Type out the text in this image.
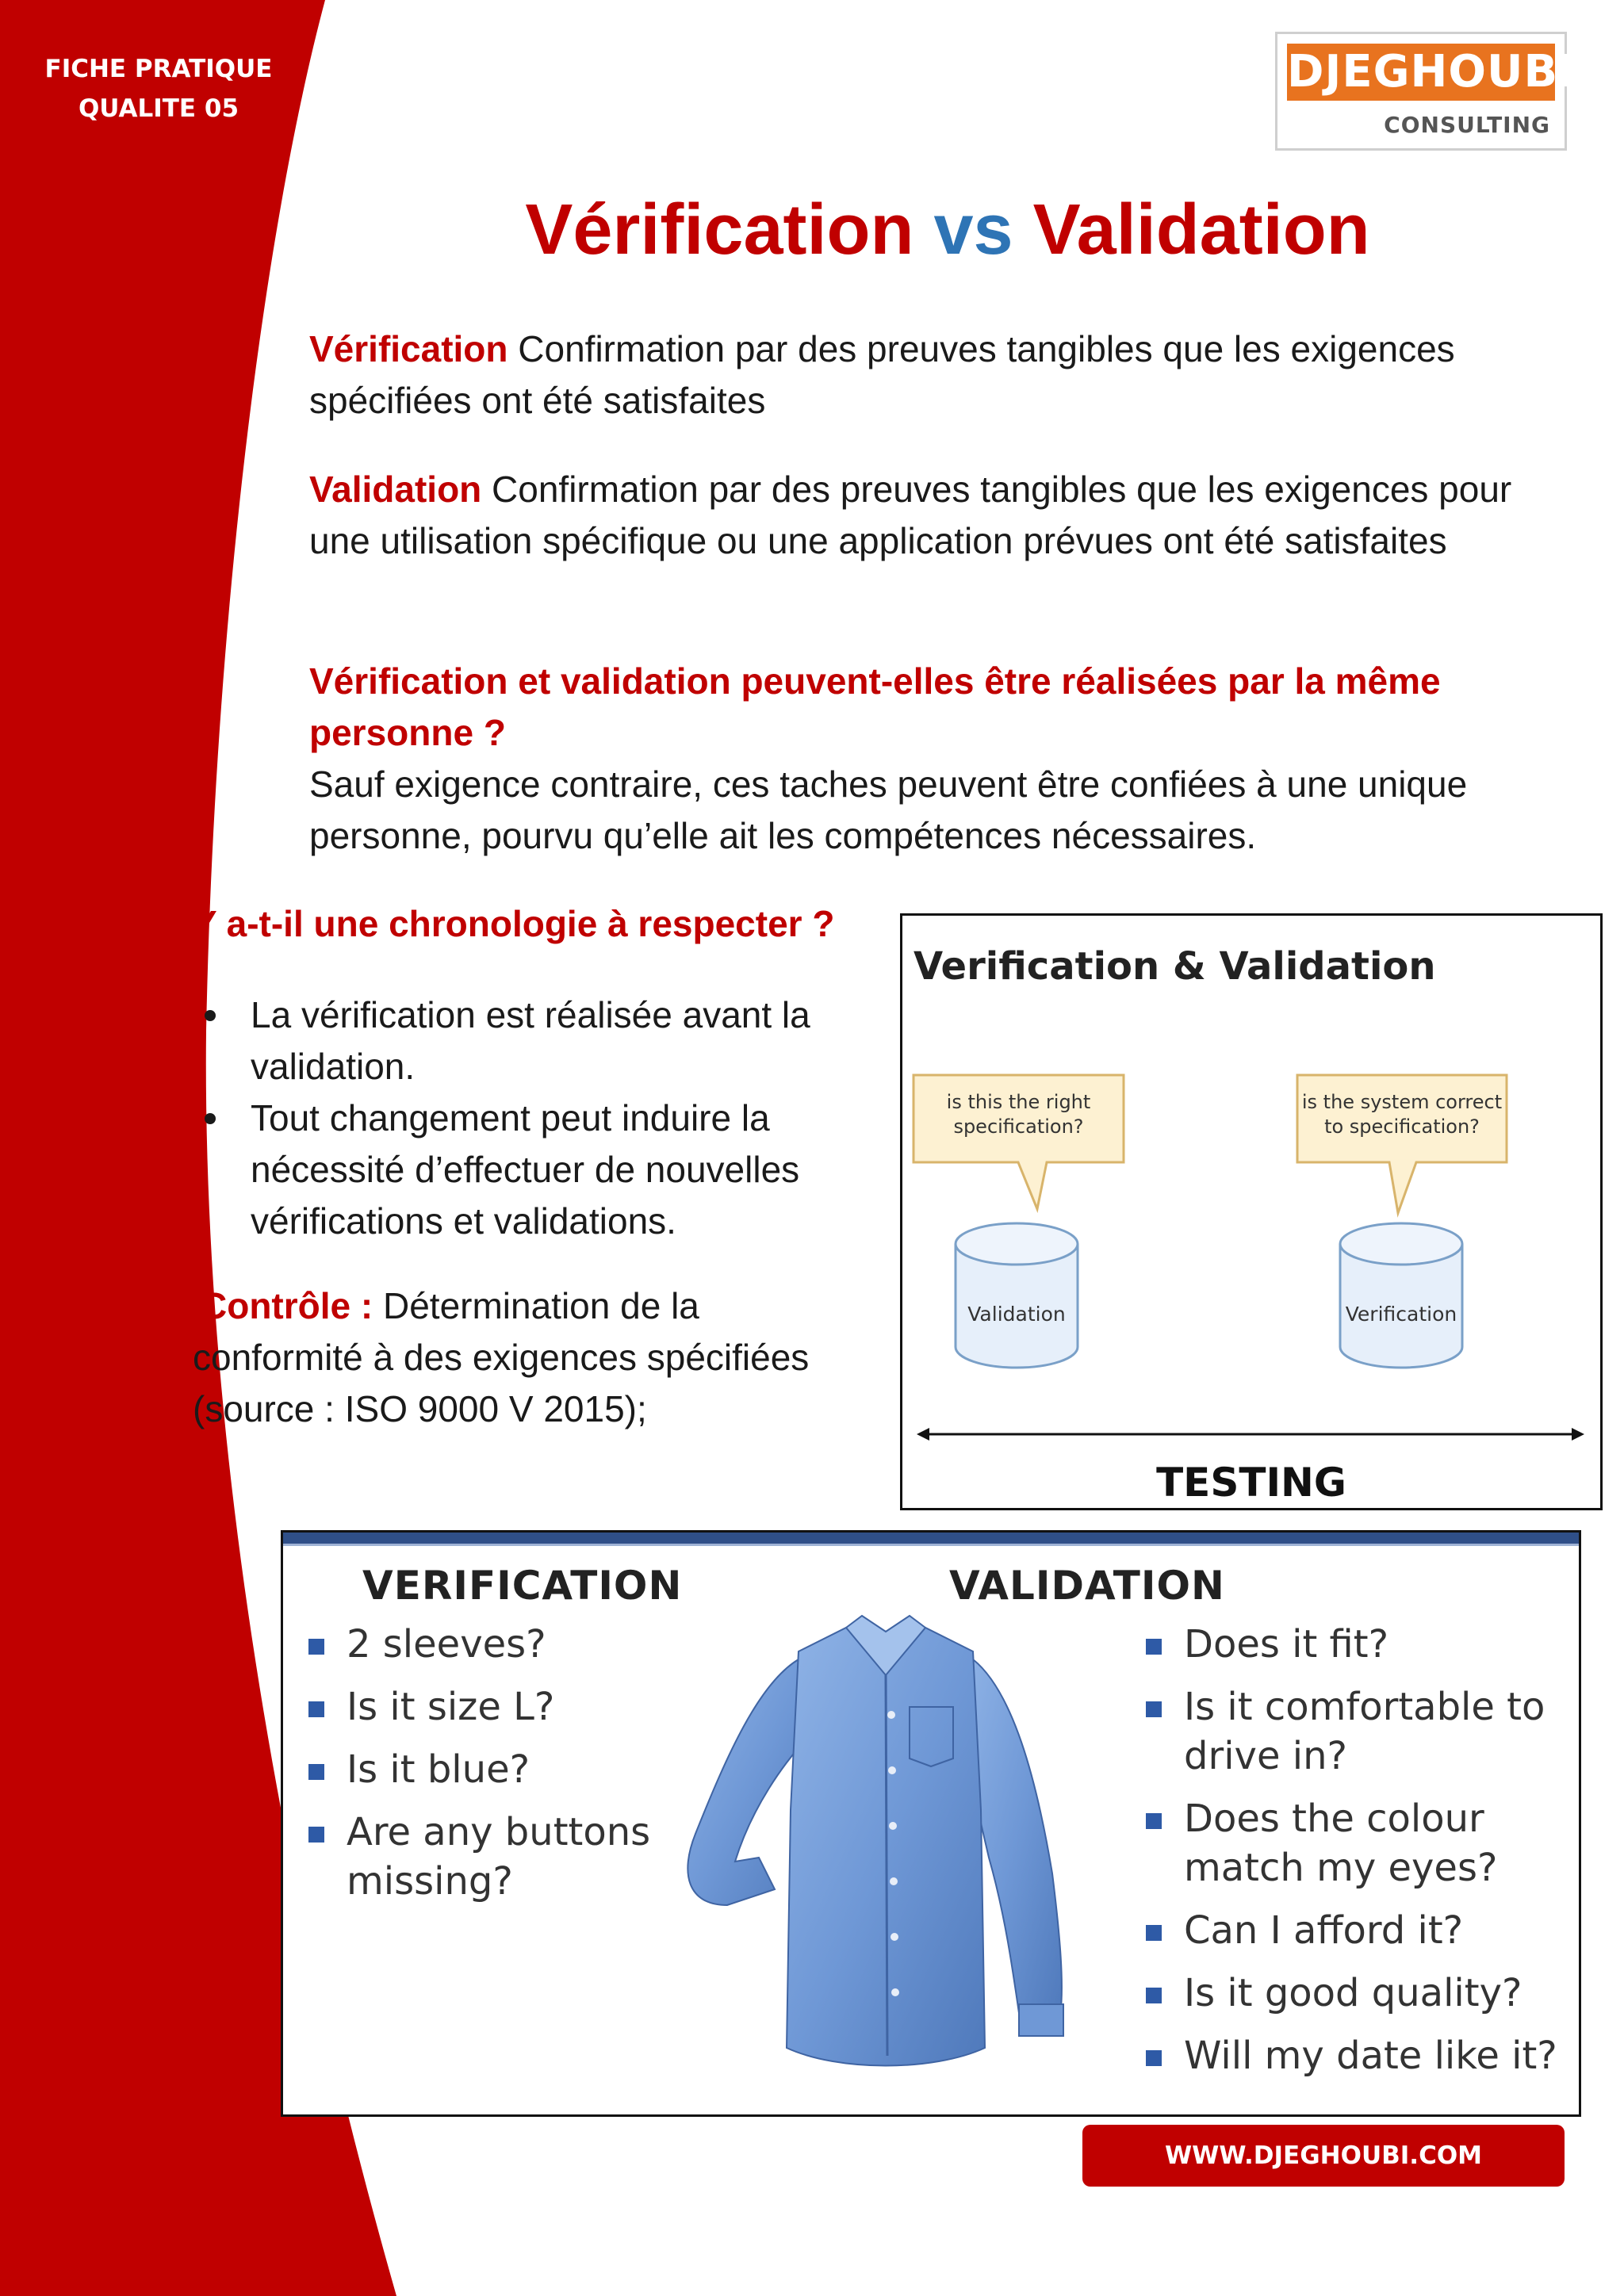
FICHE PRATIQUE
QUALITE 05
DJEGHOUBI
CONSULTING
Vérification vs Validation
Vérification Confirmation par des preuves tangibles que les exigences spécifiées ont été satisfaites
Validation Confirmation par des preuves tangibles que les exigences pour une utilisation spécifique ou une application prévues ont été satisfaites
Vérification et validation peuvent-elles être réalisées par la même personne ?
Sauf exigence contraire, ces taches peuvent être confiées à une unique personne, pourvu qu’elle ait les compétences nécessaires.
Y a-t-il une chronologie à respecter ?
La vérification est réalisée avant la validation.
Tout changement peut induire la nécessité d’effectuer de nouvelles vérifications et validations.
Contrôle : Détermination de la conformité à des exigences spécifiées (source : ISO 9000 V 2015);
Verification & Validation
is this the right
specification?
is the system correct
to specification?
Validation	Verification
TESTING
VERIFICATION
2 sleeves?
Is it size L?
Is it blue?
Are any buttons missing?
VALIDATION
Does it fit?
Is it comfortable to drive in?
Does the colour match my eyes?
Can I afford it?
Is it good quality?
Will my date like it?
WWW.DJEGHOUBI.COM
